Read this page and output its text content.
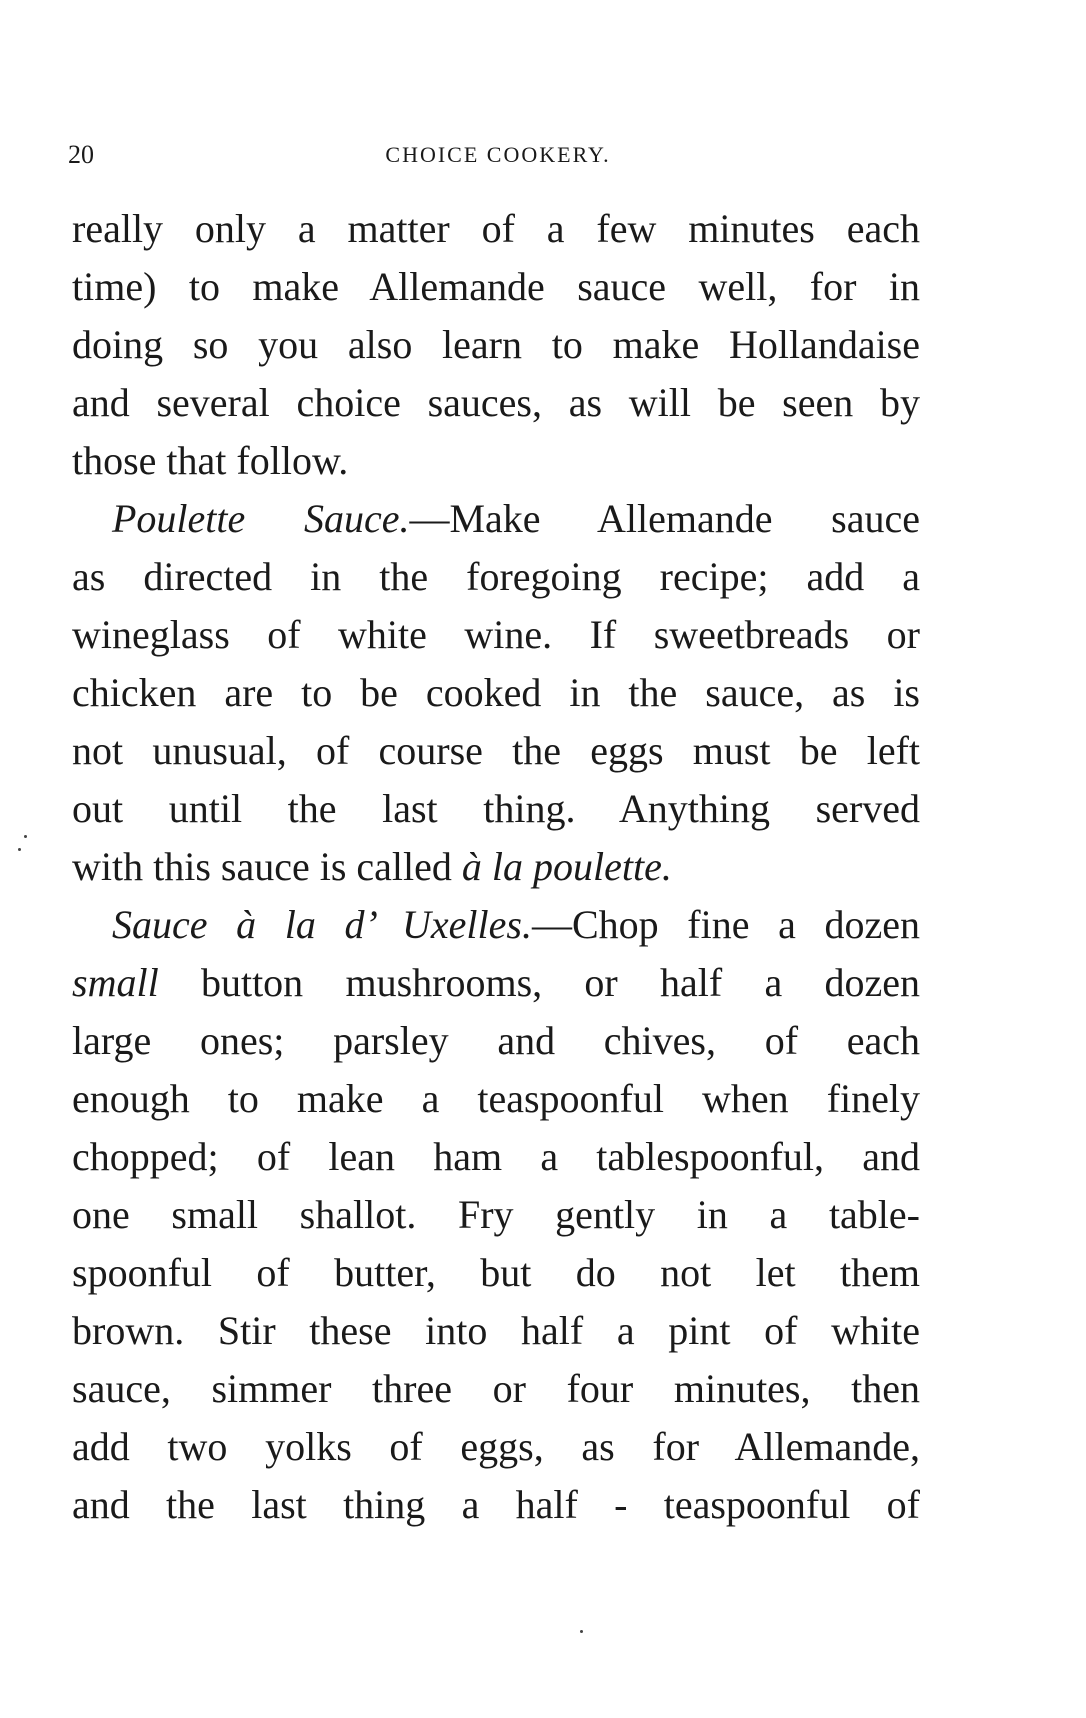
20	CHOICE COOKERY.
really only a matter of a few minutes each
time) to make Allemande sauce well, for in
doing so you also learn to make Hollandaise
and several choice sauces, as will be seen by
those that follow.
Poulette Sauce.—Make Allemande sauce
as directed in the foregoing recipe; add a
wineglass of white wine. If sweetbreads or
chicken are to be cooked in the sauce, as is
not unusual, of course the eggs must be left
out until the last thing. Anything served
with this sauce is called à la poulette.
Sauce à la d’ Uxelles.—Chop fine a dozen
small button mushrooms, or half a dozen
large ones; parsley and chives, of each
enough to make a teaspoonful when finely
chopped; of lean ham a tablespoonful, and
one small shallot. Fry gently in a table-
spoonful of butter, but do not let them
brown. Stir these into half a pint of white
sauce, simmer three or four minutes, then
add two yolks of eggs, as for Allemande,
and the last thing a half - teaspoonful of
